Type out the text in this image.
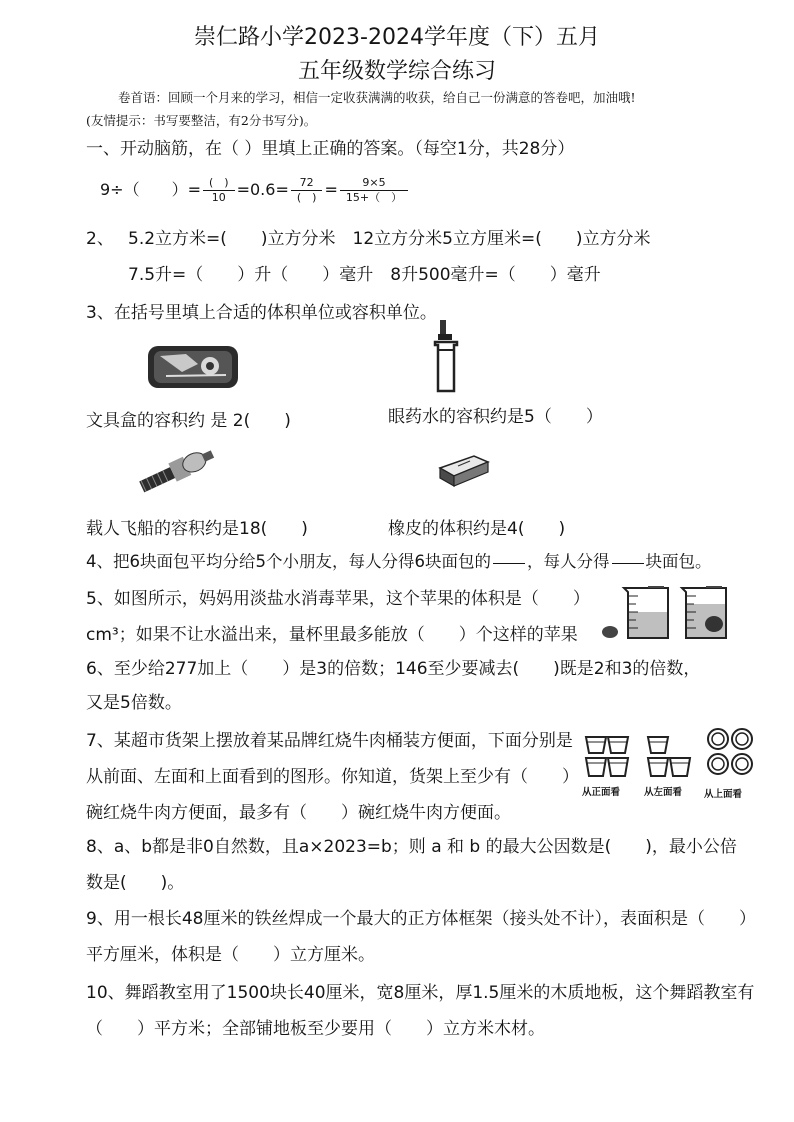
崇仁路小学2023-2024学年度（下）五月
五年级数学综合练习
卷首语：回顾一个月来的学习，相信一定收获满满的收获，给自己一份满意的答卷吧，加油哦!
(友情提示：书写要整洁，有2分书写分)。
一、开动脑筋，在（ ）里填上正确的答案。（每空1分，共28分）
9÷（　　）= $\frac{( )}{10} =0.6= \frac{72}{( )} = \frac{9\times 5}{15+( )}$
2、 5.2立方米=(　　)立方分米　12立方分米5立方厘米=(　　)立方分米
7.5升=（　　）升（　　）毫升　8升500毫升=（　　）毫升
3、在括号里填上合适的体积单位或容积单位。
文具盒的容积约 是 2(　　)	眼药水的容积约是5（　　）
载人飞船的容积约是18(　　)	橡皮的体积约是4(　　)
4、把6块面包平均分给5个小朋友，每人分得6块面包的 ，每人分得 块面包。
5、如图所示，妈妈用淡盐水消毒苹果，这个苹果的体积是（　　）
cm³；如果不让水溢出来，量杯里最多能放（　　）个这样的苹果
6、至少给277加上（　　）是3的倍数；146至少要减去(　　)既是2和3的倍数，
又是5倍数。
7、某超市货架上摆放着某品牌红烧牛肉桶装方便面，下面分别是
从前面、左面和上面看到的图形。你知道，货架上至少有（　　）
碗红烧牛肉方便面，最多有（　　）碗红烧牛肉方便面。
从正面看	从左面看 从上面看
8、a、b都是非0自然数，且a×2023=b；则 a 和 b 的最大公因数是(　　)，最小公倍
数是(　　)。
9、用一根长48厘米的铁丝焊成一个最大的正方体框架（接头处不计），表面积是（　　）
平方厘米，体积是（　　）立方厘米。
10、舞蹈教室用了1500块长40厘米，宽8厘米，厚1.5厘米的木质地板，这个舞蹈教室有
（　　）平方米；全部铺地板至少要用（　　）立方米木材。
